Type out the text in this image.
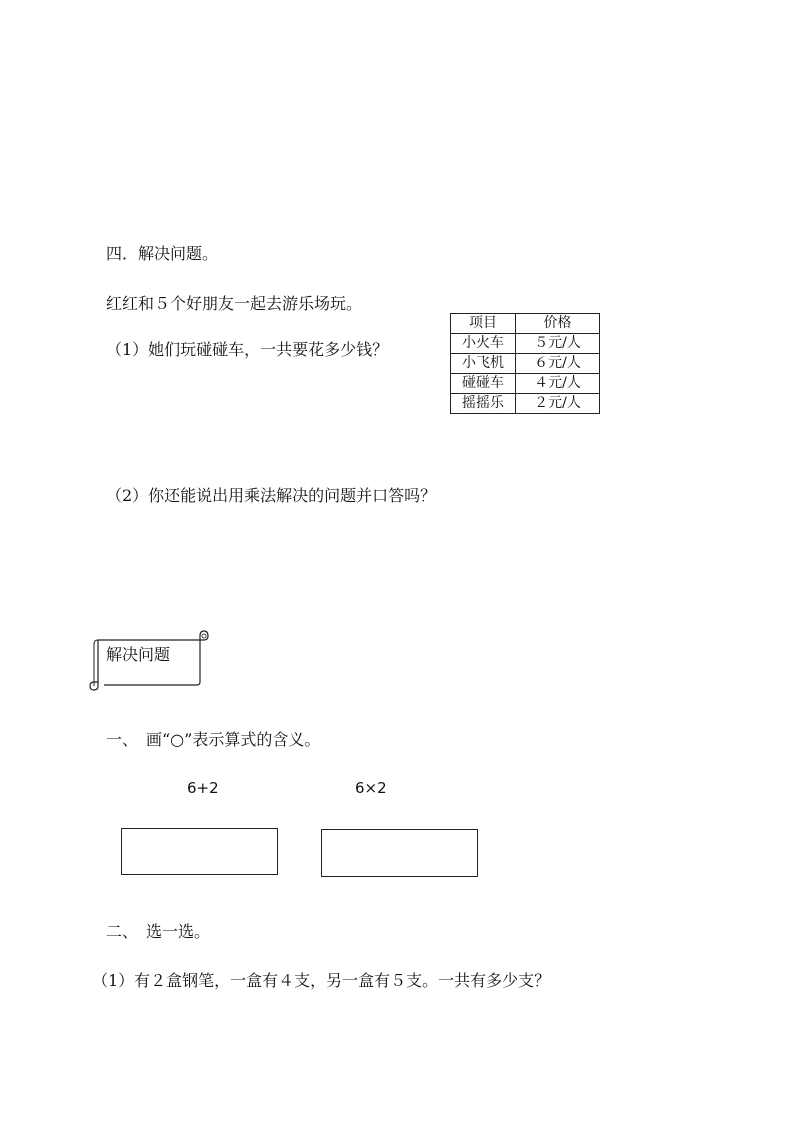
四．解决问题。
红红和５个好朋友一起去游乐场玩。
（1）她们玩碰碰车，一共要花多少钱？
项目	价格
小火车	５元/人
小飞机	６元/人
碰碰车	４元/人
摇摇乐	２元/人
（2）你还能说出用乘法解决的问题并口答吗？
解决问题
一、　画“○”表示算式的含义。
6+2	6×2
二、　选一选。
（1）有２盒钢笔，一盒有４支，另一盒有５支。一共有多少支？
